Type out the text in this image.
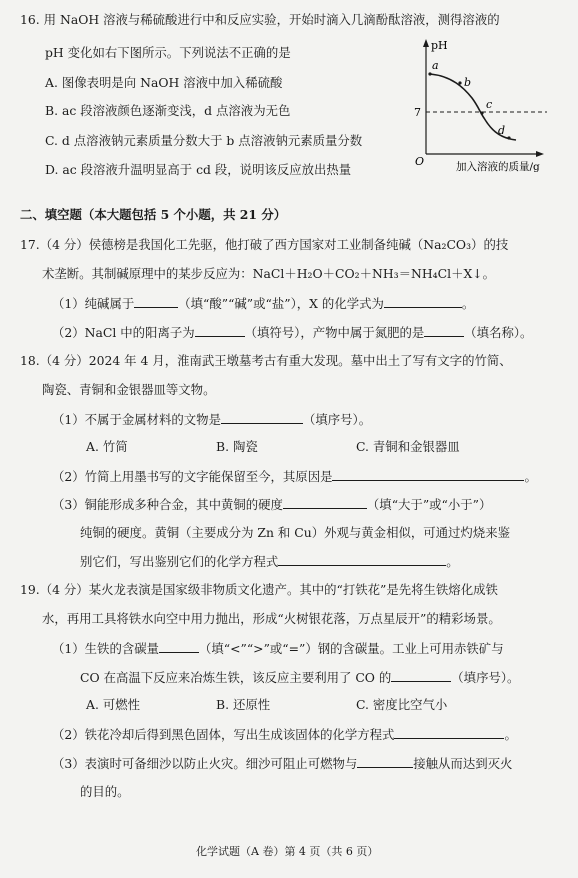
16. 用 NaOH 溶液与稀硫酸进行中和反应实验，开始时滴入几滴酚酞溶液，测得溶液的
pH 变化如右下图所示。下列说法不正确的是
A. 图像表明是向 NaOH 溶液中加入稀硫酸
B. ac 段溶液颜色逐渐变浅，d 点溶液为无色
C. d 点溶液钠元素质量分数大于 b 点溶液钠元素质量分数
D. ac 段溶液升温明显高于 cd 段，说明该反应放出热量
pH
7
O
a
b
c
d
加入溶液的质量/g
二、填空题（本大题包括 5 个小题，共 21 分）
17.（4 分）侯德榜是我国化工先驱，他打破了西方国家对工业制备纯碱（Na₂CO₃）的技
术垄断。其制碱原理中的某步反应为：NaCl＋H₂O＋CO₂＋NH₃＝NH₄Cl＋X↓。
（1）纯碱属于	（填“酸”“碱”或“盐”），X 的化学式为	。
（2）NaCl 中的阳离子为	（填符号），产物中属于氮肥的是	（填名称）。
18.（4 分）2024 年 4 月，淮南武王墩墓考古有重大发现。墓中出土了写有文字的竹简、
陶瓷、青铜和金银器皿等文物。
（1）不属于金属材料的文物是	（填序号）。
A. 竹简	B. 陶瓷	C. 青铜和金银器皿
（2）竹简上用墨书写的文字能保留至今，其原因是	。
（3）铜能形成多种合金，其中黄铜的硬度	（填“大于”或“小于”）
纯铜的硬度。黄铜（主要成分为 Zn 和 Cu）外观与黄金相似，可通过灼烧来鉴
别它们，写出鉴别它们的化学方程式	。
19.（4 分）某火龙表演是国家级非物质文化遗产。其中的“打铁花”是先将生铁熔化成铁
水，再用工具将铁水向空中用力抛出，形成“火树银花落，万点星辰开”的精彩场景。
（1）生铁的含碳量	（填“<”“>”或“=”）钢的含碳量。工业上可用赤铁矿与
CO 在高温下反应来冶炼生铁，该反应主要利用了 CO 的	（填序号）。
A. 可燃性	B. 还原性	C. 密度比空气小
（2）铁花冷却后得到黑色固体，写出生成该固体的化学方程式	。
（3）表演时可备细沙以防止火灾。细沙可阻止可燃物与	接触从而达到灭火
的目的。
化学试题（A 卷）第 4 页（共 6 页）
